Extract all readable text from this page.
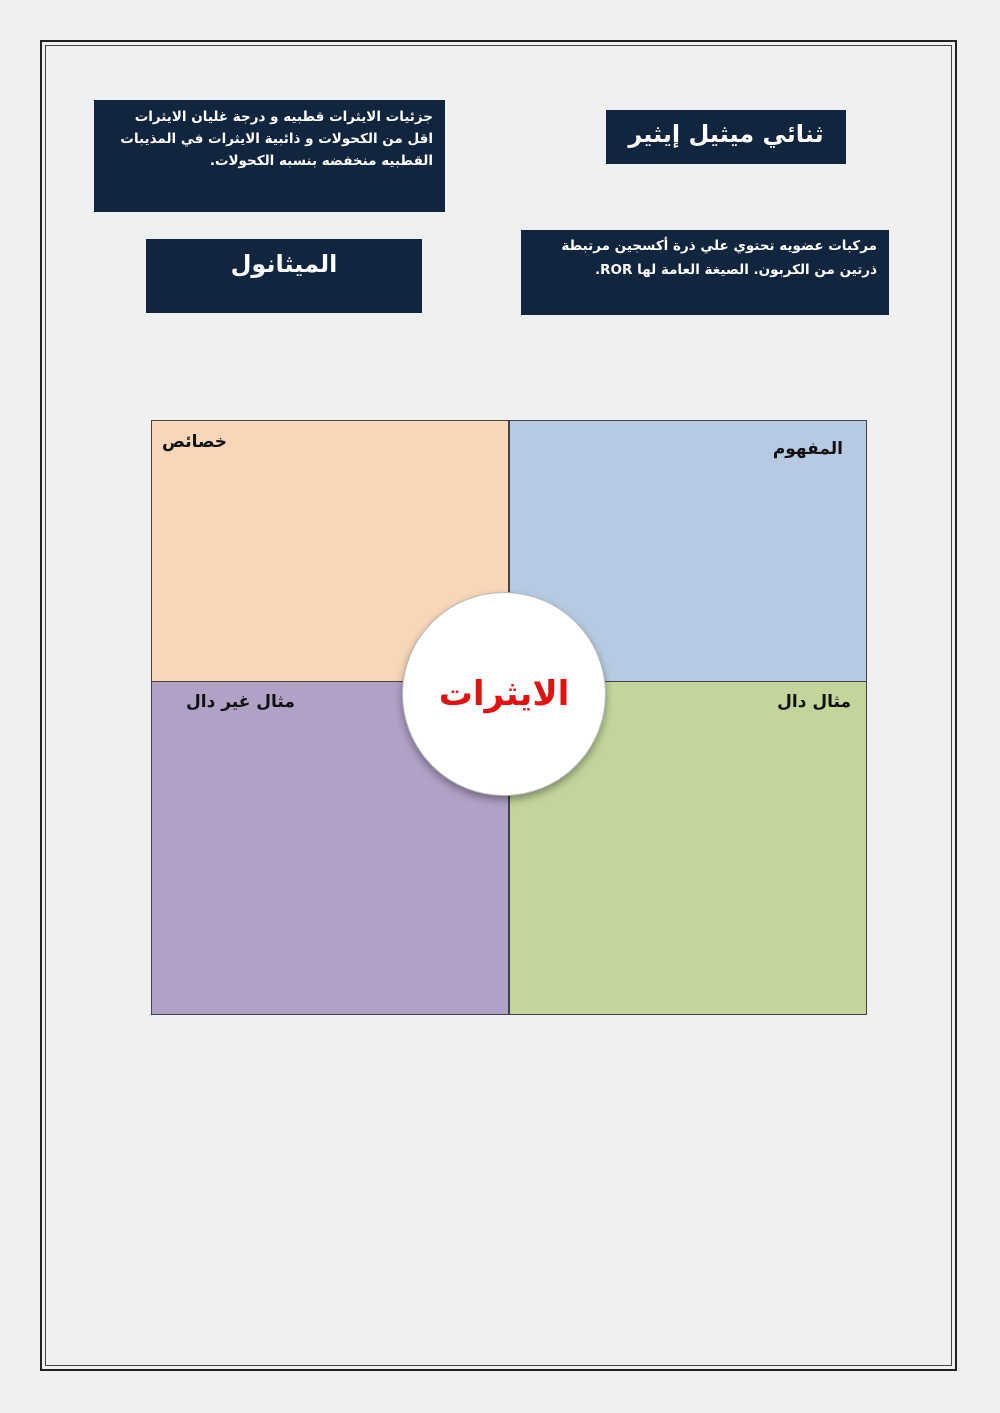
جزئيات الايثرات قطبيه و درجة غليان الايثرات اقل من الكحولات و ذائبية الايثرات في المذيبات القطبيه منخفضه بنسبه الكحولات.
ثنائي ميثيل إيثير
الميثانول
مركبات عضويه تحتوي علي ذرة أكسجين مرتبطة ذرتين من الكربون. الصيغة العامة لها ROR.
خصائص	المفهوم
مثال غير دال	مثال دال
الايثرات
